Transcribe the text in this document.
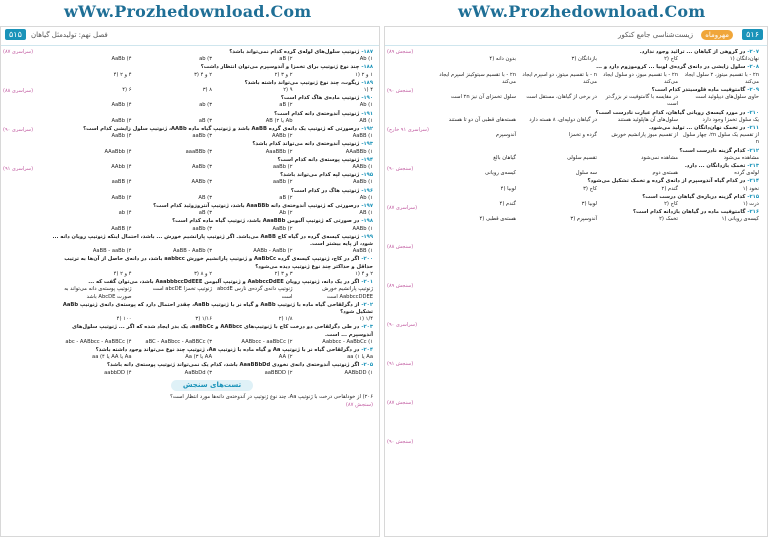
wWw.Prozhedownload.Com	wWw.Prozhedownload.Com
۵۱۵	فصل نهم: تولیدمثل گیاهان
(سراسری ۸۷)
(سراسری ۸۸)
(سراسری ۹۰)
(سراسری ۹۱)
۱۸۷-ژنوتیپ سلول‌های لوله‌ی گرده کدام نمی‌تواند باشد؟
Ab (۱
aB (۲
ab (۳
AaBb (۴
۱۸۸-چند نوع ژنوتیپ برای تخمزا و آندوسپرم می‌توان انتظار داشت؟
۱ و ۲ (۱
۲ و ۳ (۲
۲ و ۴ (۳
۴ و ۲ (۴
۱۸۹-زیگوت، چند نوع ژنوتیپ می‌تواند داشته باشد؟
۴ (۱
۹ (۲
۸ (۳
۶ (۴
۱۹۰-ژنوتیپ ماده‌ی هاگ کدام است؟
Ab (۱
aB (۲
ab (۳
AaBb (۴
۱۹۱-ژنوتیپ آندوخته‌ی دانه کدام است؟
AB (۱
Ab یا AB (۲
aB (۳
AaBb (۴
۱۹۲-درصورتی که ژنوتیپ یک دانه‌ی گرده AaBB باشد و ژنوتیپ گیاه ماده AABb، ژنوتیپ سلول زایشی کدام است؟
AaBB (۱
AABb (۲
aaBb (۳
AaBb (۴
۱۹۳-ژنوتیپ آندوخته‌ی دانه می‌تواند کدام باشد؟
AAaBBb (۱
AaaBBb (۲
aaaBBb (۳
AAaBbb (۴
۱۹۴-ژنوتیپ پوسته‌ی دانه کدام است؟
AABb (۱
aaBb (۲
AaBb (۳
AAbb (۴
۱۹۵-ژنوتیپ لپه کدام می‌تواند باشد؟
AaBb (۱
aaBb (۲
AABb (۳
aaBB (۴
۱۹۶-ژنوتیپ هاگ در کدام است؟
Ab (۱
aB (۲
AB (۳
AaBb (۴
۱۹۷-درصورتی که ژنوتیپ آندوخته‌ی دانه AaaBBb باشد، ژنوتیپ آنتروزوئید کدام است؟
AB (۱
Ab (۲
aB (۳
ab (۴
۱۹۸-در صورتی که ژنوتیپ آلبومن AaaBBb باشد، ژنوتیپ گیاه ماده کدام است؟
AABb (۱
AaBb (۲
aaBb (۳
AaBB (۴
۱۹۹-ژنوتیپ کیسه‌ی گرده در گیاه کاج AaBB می‌باشد. اگر ژنوتیپ پارانشیم خورش ... باشد، احتمال اینکه ژنوتیپ رویان دانه ... شود، از پایه بیشتر است.
AaBB (۱
AABb - AaBb (۲
AaBB - AaBb (۳
AaBB - aaBb (۴
۲۰۰-اگر در کاج، ژنوتیپ کیسه‌ی گرده AaBbCc و ژنوتیپ پارانشیم خورش aabbcc باشد، در دانه‌ی حاصل از آن‌ها به ترتیب حداقل و حداکثر چند نوع ژنوتیپ دیده می‌شود؟
۲ و ۴ (۱
۳ و ۳ (۲
۲ و ۸ (۳
۴ و ۲ (۴
۲۰۱-اگر در یک دانه، ژنوتیپ رویان AabbccDdEE و ژنوتیپ آلبومن AaabbbccDdEEE باشد، می‌توان گفت که ...
ژنوتیپ پارانشیم خورش AabbccDDEE است
ژنوتیپ دانه‌ی گرده‌ی نارس abcdE است
ژنوتیپ تخمزا abcDE است
ژنوتیپ پوسته‌ی دانه می‌تواند به صورت AbcDE باشد
۲۰۲-از دگرلقاحی گیاه ماده با ژنوتیپ AaBb و گیاه نر با ژنوتیپ AaBb، چقدر احتمال دارد که پوسته‌ی دانه‌ی ژنوتیپ AaBb تشکیل شود؟
۱/۴ (۱
۱/۸ (۲
۱/۱۶ (۳
۱۰۰ (۴
۲۰۳-در طی دگرلقاحی دو درخت کاج با ژنوتیپ‌های AABbcc و aaBbCc، یک بذر ایجاد شده که اگر ... ژنوتیپ سلول‌های آندوسپرم ... است.
Aabbcc - AaBbCc (۱
AABbcc - aaBbCc (۲
aBC - AaBbcc - AaBBCc (۳
abc - AABbcc - AaBBCc (۴
۲۰۴-در دگرلقاحی گیاه نر با ژنوتیپ Aa و گیاه ماده با ژنوتیپ Aa، ژنوتیپ چند نوع می‌تواند وجود داشته باشد؟
Aa یا aa (۱
AA (۲
AA یا Aa (۳
Aa یا AA یا aa (۴
۲۰۵-اگر ژنوتیپ آندوخته‌ی دانه‌ی نخودی AaaBBbDd باشد، کدام یک نمی‌تواند ژنوتیپ پوسته‌ی دانه باشد؟
AABbDD (۱
aaBBDD (۲
AaBbDd (۳
aabbDD (۴
تست‌های سنجش
۲۰۶) از خودلقاحی درخت با ژنوتیپ Aa، چند نوع ژنوتیپ در آندوخته‌ی دانه‌ها مورد انتظار است؟
(سنجش ۸۷)
۵۱۶
مهروماه
زیست‌شناسی جامع کنکور
(سنجش ۸۹)
(سنجش ۹۰)
(سراسری ۹۱ خارج)
(سنجش ۹۰)
(سراسری ۸۷)
(سنجش ۸۸)
(سنجش ۸۹)
(سراسری ۹۰)
(سنجش ۹۱)
(سنجش ۸۷)
(سنجش ۹۰)
۲۰۷-در گروهی از گیاهان ... ترائید وجود ندارد.
نهان‌دانگان (۱
کاج (۲
بازدانگان (۳
بدون دانه (۴
۲۰۸-سلول زایشی در دانه‌ی گرده‌ی لوبیا ... کروموزوم دارد و ...
۲n - با تقسیم میتوز، ۲ سلول ایجاد می‌کند
۲n - با تقسیم میوز، دو سلول ایجاد می‌کند
n - با تقسیم میتوز، دو اسپرم ایجاد می‌کند
۲n - با تقسیم سیتوکینز اسپرم ایجاد می‌کند
۲۰۹-گامتوفیت ماده فلوسیتدر کدام است؟
حاوی سلول‌های دیپلوئید است
در مقایسه با گامتوفیت نر بزرگ‌تر است
در برخی از گیاهان، مستقل است
سلول تخمزای آن نیز ۲n است
۲۱۰-در مورد کیسه‌ی رویانی گیاهان، کدام عبارت نادرست است؟
یک سلول تخمزا وجود دارد
سلول‌های آن هاپلوئید هستند
در گیاهان دولپه‌ای، ۸ هسته دارد
هسته‌های قطبی آن دو تا هستند
۲۱۱-در تخمک نهان‌دانگان ... تولید می‌شود.
از تقسیم یک سلول ۲n، چهار سلول n
از تقسیم میوز پارانشیم خورش
گرده و تخمزا
آندوسپرم
۲۱۲-کدام گزینه نادرست است؟
مشاهده می‌شود
مشاهده نمی‌شود
تقسیم سلولی
گیاهان بالغ
۲۱۳-تخمک بازدانگان ... دارد.
لوله‌ی گرده
هسته‌ی دوم
سه سلول
کیسه‌ی رویانی
۲۱۴-در کدام گیاه آندوسپرم از دانه‌ی گرده و تخمک تشکیل می‌شود؟
نخود (۱
گندم (۲
کاج (۳
لوبیا (۴
۲۱۵-کدام گزینه درباره‌ی گیاهان درست است؟
ذرت (۱
کاج (۲
لوبیا (۳
گندم (۴
۲۱۶-گامتوفیت ماده در گیاهان بازدانه کدام است؟
کیسه‌ی رویانی (۱
تخمک (۲
آندوسپرم (۳
هسته‌ی قطبی (۴
